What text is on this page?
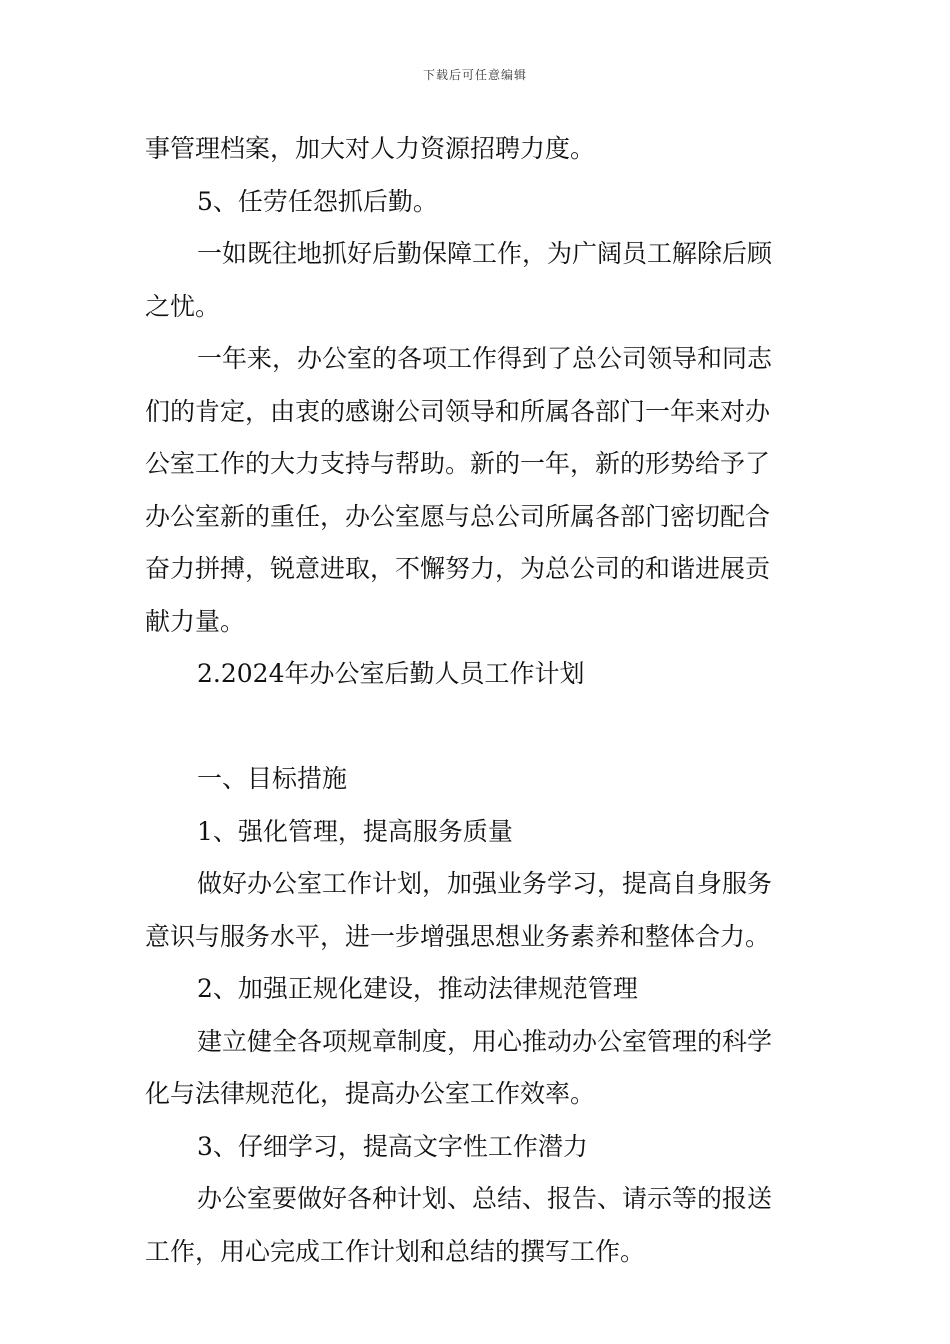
下载后可任意编辑
事管理档案，加大对人力资源招聘力度。
5、任劳任怨抓后勤。
一如既往地抓好后勤保障工作，为广阔员工解除后顾
之忧。
一年来，办公室的各项工作得到了总公司领导和同志
们的肯定，由衷的感谢公司领导和所属各部门一年来对办
公室工作的大力支持与帮助。新的一年，新的形势给予了
办公室新的重任，办公室愿与总公司所属各部门密切配合
奋力拼搏，锐意进取，不懈努力，为总公司的和谐进展贡
献力量。
2.2024年办公室后勤人员工作计划
一、目标措施
1、强化管理，提高服务质量
做好办公室工作计划，加强业务学习，提高自身服务
意识与服务水平，进一步增强思想业务素养和整体合力。
2、加强正规化建设，推动法律规范管理
建立健全各项规章制度，用心推动办公室管理的科学
化与法律规范化，提高办公室工作效率。
3、仔细学习，提高文字性工作潜力
办公室要做好各种计划、总结、报告、请示等的报送
工作，用心完成工作计划和总结的撰写工作。
